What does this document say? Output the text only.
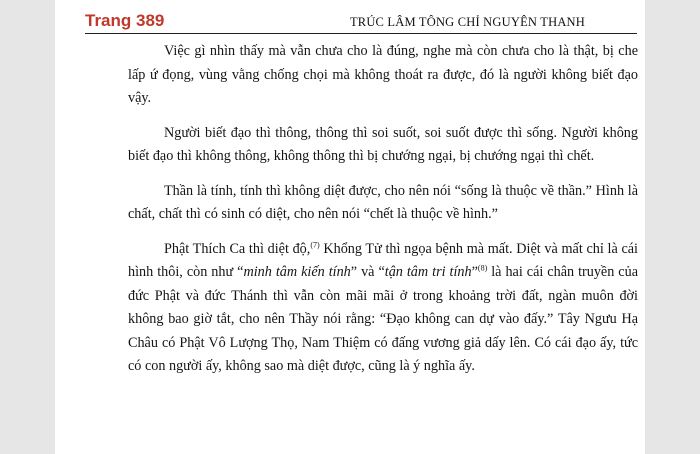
Trang 389	TRÚC LÂM TÔNG CHỈ NGUYÊN THANH

Việc gì nhìn thấy mà vẫn chưa cho là đúng, nghe mà còn chưa cho là thật, bị che lấp ứ đọng, vùng vằng chống chọi mà không thoát ra được, đó là người không biết đạo vậy.

Người biết đạo thì thông, thông thì soi suốt, soi suốt được thì sống. Người không biết đạo thì không thông, không thông thì bị chướng ngại, bị chướng ngại thì chết.

Thần là tính, tính thì không diệt được, cho nên nói “sống là thuộc về thần.” Hình là chất, chất thì có sinh có diệt, cho nên nói “chết là thuộc về hình.”

Phật Thích Ca thì diệt độ,$^{(7)}$ Khổng Tử thì ngọa bệnh mà mất. Diệt và mất chỉ là cái hình thôi, còn như “minh tâm kiến tính” và “tận tâm tri tính”$^{(8)}$ là hai cái chân truyền của đức Phật và đức Thánh thì vẫn còn mãi mãi ở trong khoảng trời đất, ngàn muôn đời không bao giờ tắt, cho nên Thầy nói rằng: “Đạo không can dự vào đấy.” Tây Ngưu Hạ Châu có Phật Vô Lượng Thọ, Nam Thiệm có đấng vương giả dấy lên. Có cái đạo ấy, tức có con người ấy, không sao mà diệt được, cũng là ý nghĩa ấy.
